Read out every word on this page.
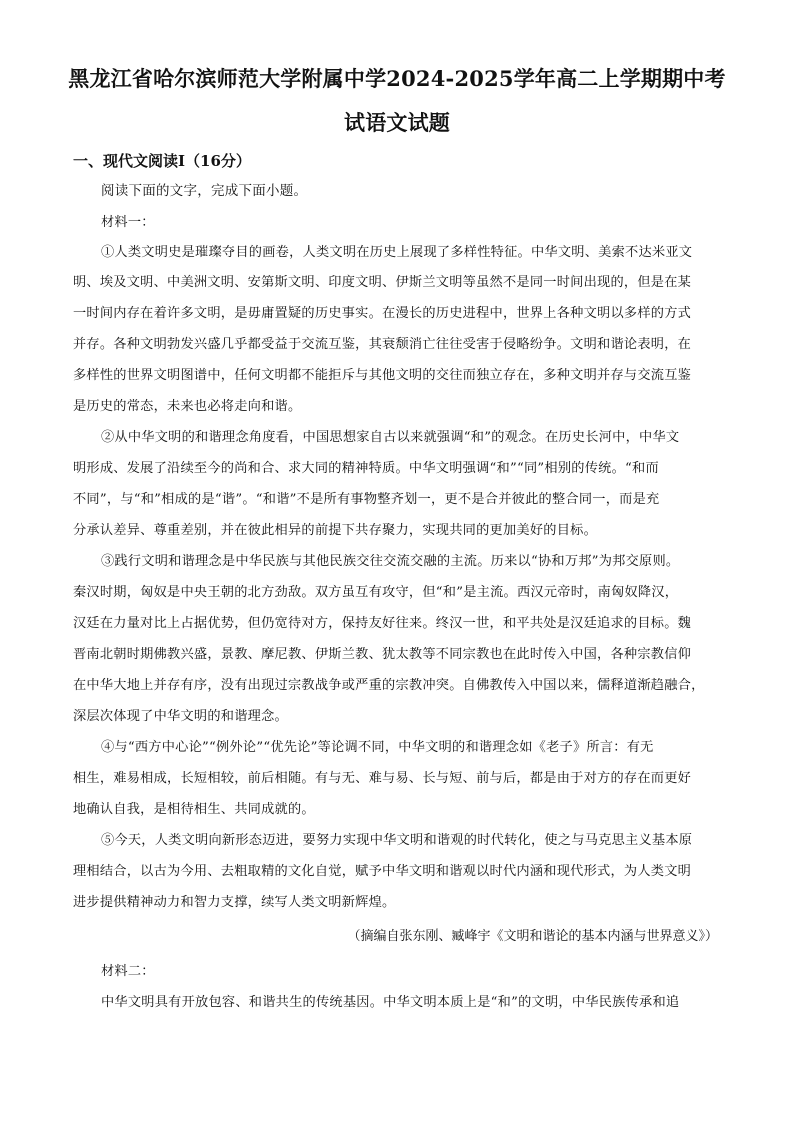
黑龙江省哈尔滨师范大学附属中学2024-2025学年高二上学期期中考
试语文试题
一、现代文阅读Ⅰ（16分）
阅读下面的文字，完成下面小题。
材料一：
①人类文明史是璀璨夺目的画卷，人类文明在历史上展现了多样性特征。中华文明、美索不达米亚文
明、埃及文明、中美洲文明、安第斯文明、印度文明、伊斯兰文明等虽然不是同一时间出现的，但是在某
一时间内存在着许多文明，是毋庸置疑的历史事实。在漫长的历史进程中，世界上各种文明以多样的方式
并存。各种文明勃发兴盛几乎都受益于交流互鉴，其衰颓消亡往往受害于侵略纷争。文明和谐论表明，在
多样性的世界文明图谱中，任何文明都不能拒斥与其他文明的交往而独立存在，多种文明并存与交流互鉴
是历史的常态，未来也必将走向和谐。
②从中华文明的和谐理念角度看，中国思想家自古以来就强调“和”的观念。在历史长河中，中华文
明形成、发展了沿续至今的尚和合、求大同的精神特质。中华文明强调“和”“同”相别的传统。“和而
不同”，与“和”相成的是“谐”。“和谐”不是所有事物整齐划一，更不是合并彼此的整合同一，而是充
分承认差异、尊重差别，并在彼此相异的前提下共存聚力，实现共同的更加美好的目标。
③践行文明和谐理念是中华民族与其他民族交往交流交融的主流。历来以“协和万邦”为邦交原则。
秦汉时期，匈奴是中央王朝的北方劲敌。双方虽互有攻守，但“和”是主流。西汉元帝时，南匈奴降汉，
汉廷在力量对比上占据优势，但仍宽待对方，保持友好往来。终汉一世，和平共处是汉廷追求的目标。魏
晋南北朝时期佛教兴盛，景教、摩尼教、伊斯兰教、犹太教等不同宗教也在此时传入中国，各种宗教信仰
在中华大地上并存有序，没有出现过宗教战争或严重的宗教冲突。自佛教传入中国以来，儒释道渐趋融合，
深层次体现了中华文明的和谐理念。
④与“西方中心论”“例外论”“优先论”等论调不同，中华文明的和谐理念如《老子》所言：有无
相生，难易相成，长短相较，前后相随。有与无、难与易、长与短、前与后，都是由于对方的存在而更好
地确认自我，是相待相生、共同成就的。
⑤今天，人类文明向新形态迈进，要努力实现中华文明和谐观的时代转化，使之与马克思主义基本原
理相结合，以古为今用、去粗取精的文化自觉，赋予中华文明和谐观以时代内涵和现代形式，为人类文明
进步提供精神动力和智力支撑，续写人类文明新辉煌。
（摘编自张东刚、臧峰宇《文明和谐论的基本内涵与世界意义》）
材料二：
中华文明具有开放包容、和谐共生的传统基因。中华文明本质上是“和”的文明，中华民族传承和追
